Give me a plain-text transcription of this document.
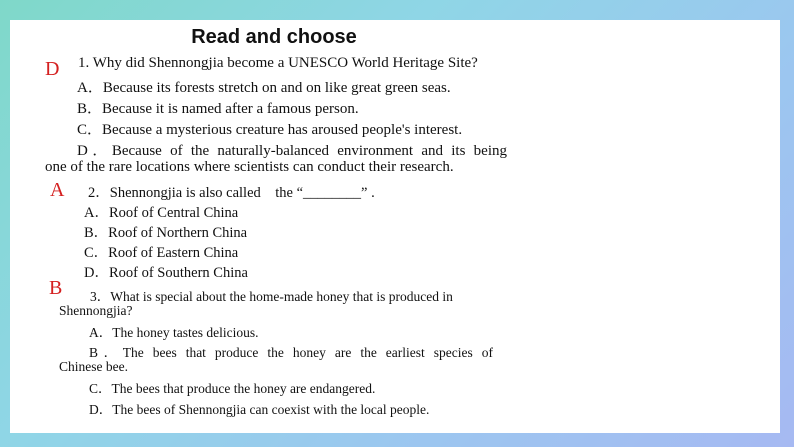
Read and choose
D 1. Why did Shennongjia become a UNESCO World Heritage Site?
A．Because its forests stretch on and on like great green seas.
B．Because it is named after a famous person.
C．Because a mysterious creature has aroused people's interest.
D．Because of the naturally-balanced environment and its being
one of the rare locations where scientists can conduct their research.
A 2．Shennongjia is also called　the “________” .
A．Roof of Central China
B．Roof of Northern China
C．Roof of Eastern China
D．Roof of Southern China
B 3．What is special about the home-made honey that is produced in
Shennongjia?
A．The honey tastes delicious.
B．The bees that produce the honey are the earliest species of
Chinese bee.
C．The bees that produce the honey are endangered.
D．The bees of Shennongjia can coexist with the local people.
